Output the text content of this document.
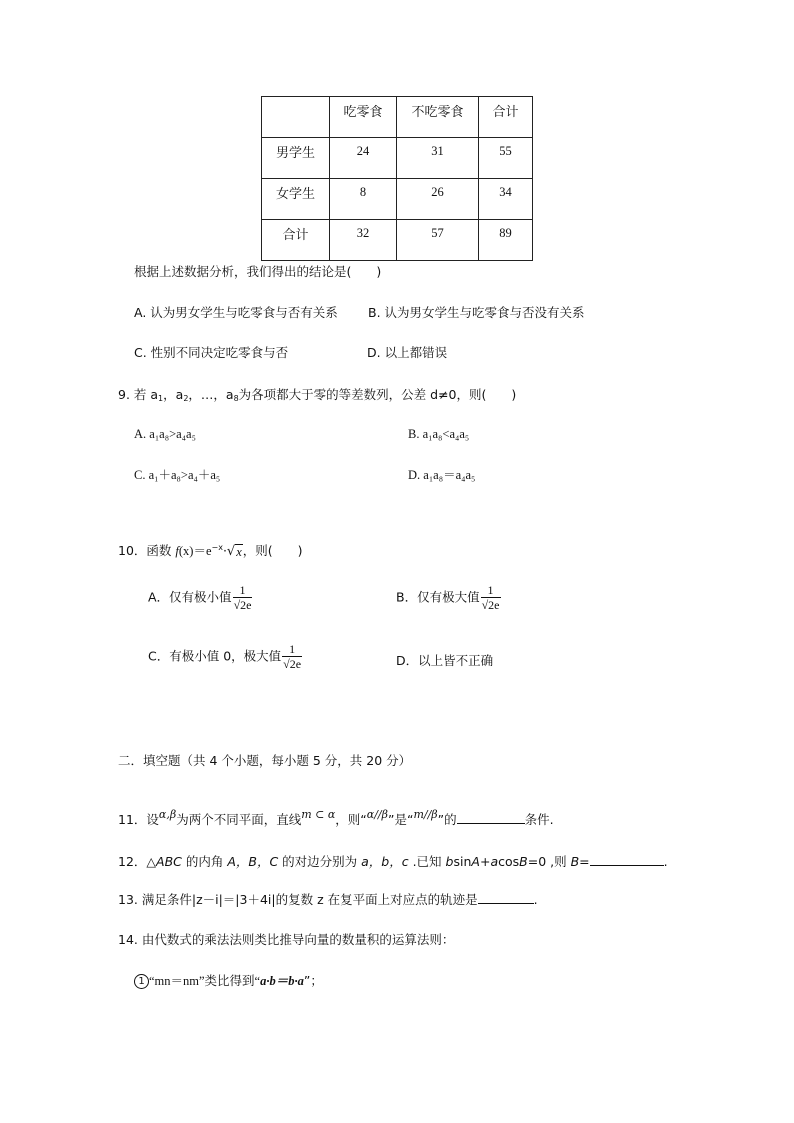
	吃零食	不吃零食	合计

男学生	24	31	55

女学生	8	26	34

合计	32	57	89
根据上述数据分析，我们得出的结论是(　　)
A. 认为男女学生与吃零食与否有关系 B. 认为男女学生与吃零食与否没有关系
C. 性别不同决定吃零食与否	D. 以上都错误
9. 若 $a_1$，$a_2$，…，$a_8$为各项都大于零的等差数列，公差 d≠0，则(　　)
A. a₁a₈>a₄a₅	B. a₁a₈<a₄a₅
C. a₁＋a₈>a₄＋a₅	D. a₁a₈＝a₄a₅
10．函数 $f(x)=e^{-x}\cdot$ √ x ，则(　　)
A．仅有极小值 $\frac{1}{√2e}$	B．仅有极大值 $\frac{1}{√2e}$
C．有极小值 0，极大值 $\frac{1}{√2e}$	D．以上皆不正确
二．填空题（共 4 个小题，每小题 5 分，共 20 分）
11．设α,β为两个不同平面，直线m ⊂ α，则“α//β”是“m//β”的	条件.
12．△ABC 的内角 A，B，C 的对边分别为 a，b，c .已知 bsinA+acosB=0 ,则 B=	.
13. 满足条件|z－i|＝|3＋4i|的复数 z 在复平面上对应点的轨迹是	.
14. 由代数式的乘法法则类比推导向量的数量积的运算法则：
1 “mn＝nm”类比得到“a·b＝b·a”；
